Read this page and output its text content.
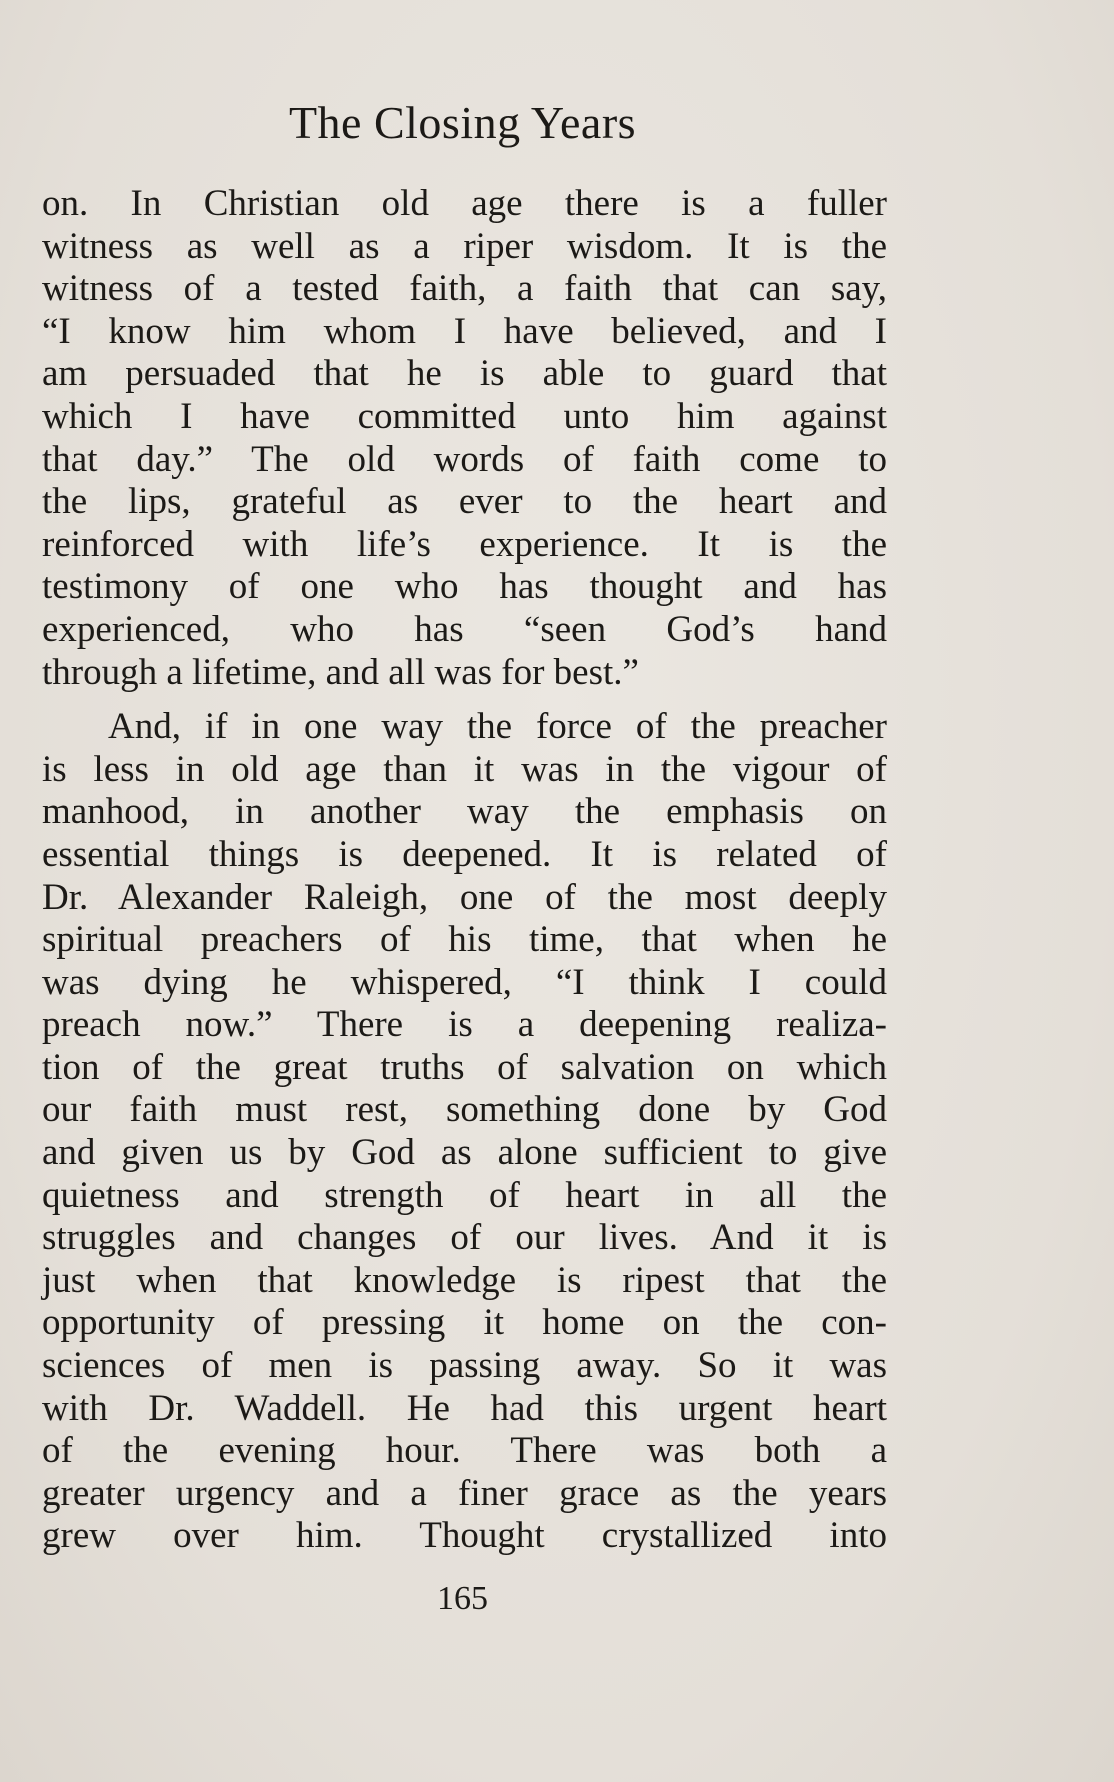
The Closing Years
on. In Christian old age there is a fuller
witness as well as a riper wisdom. It is the
witness of a tested faith, a faith that can say,
“I know him whom I have believed, and I
am persuaded that he is able to guard that
which I have committed unto him against
that day.” The old words of faith come to
the lips, grateful as ever to the heart and
reinforced with life’s experience. It is the
testimony of one who has thought and has
experienced, who has “seen God’s hand
through a lifetime, and all was for best.”
And, if in one way the force of the preacher
is less in old age than it was in the vigour of
manhood, in another way the emphasis on
essential things is deepened. It is related of
Dr. Alexander Raleigh, one of the most deeply
spiritual preachers of his time, that when he
was dying he whispered, “I think I could
preach now.” There is a deepening realiza-
tion of the great truths of salvation on which
our faith must rest, something done by God
and given us by God as alone sufficient to give
quietness and strength of heart in all the
struggles and changes of our lives. And it is
just when that knowledge is ripest that the
opportunity of pressing it home on the con-
sciences of men is passing away. So it was
with Dr. Waddell. He had this urgent heart
of the evening hour. There was both a
greater urgency and a finer grace as the years
grew over him. Thought crystallized into
165
